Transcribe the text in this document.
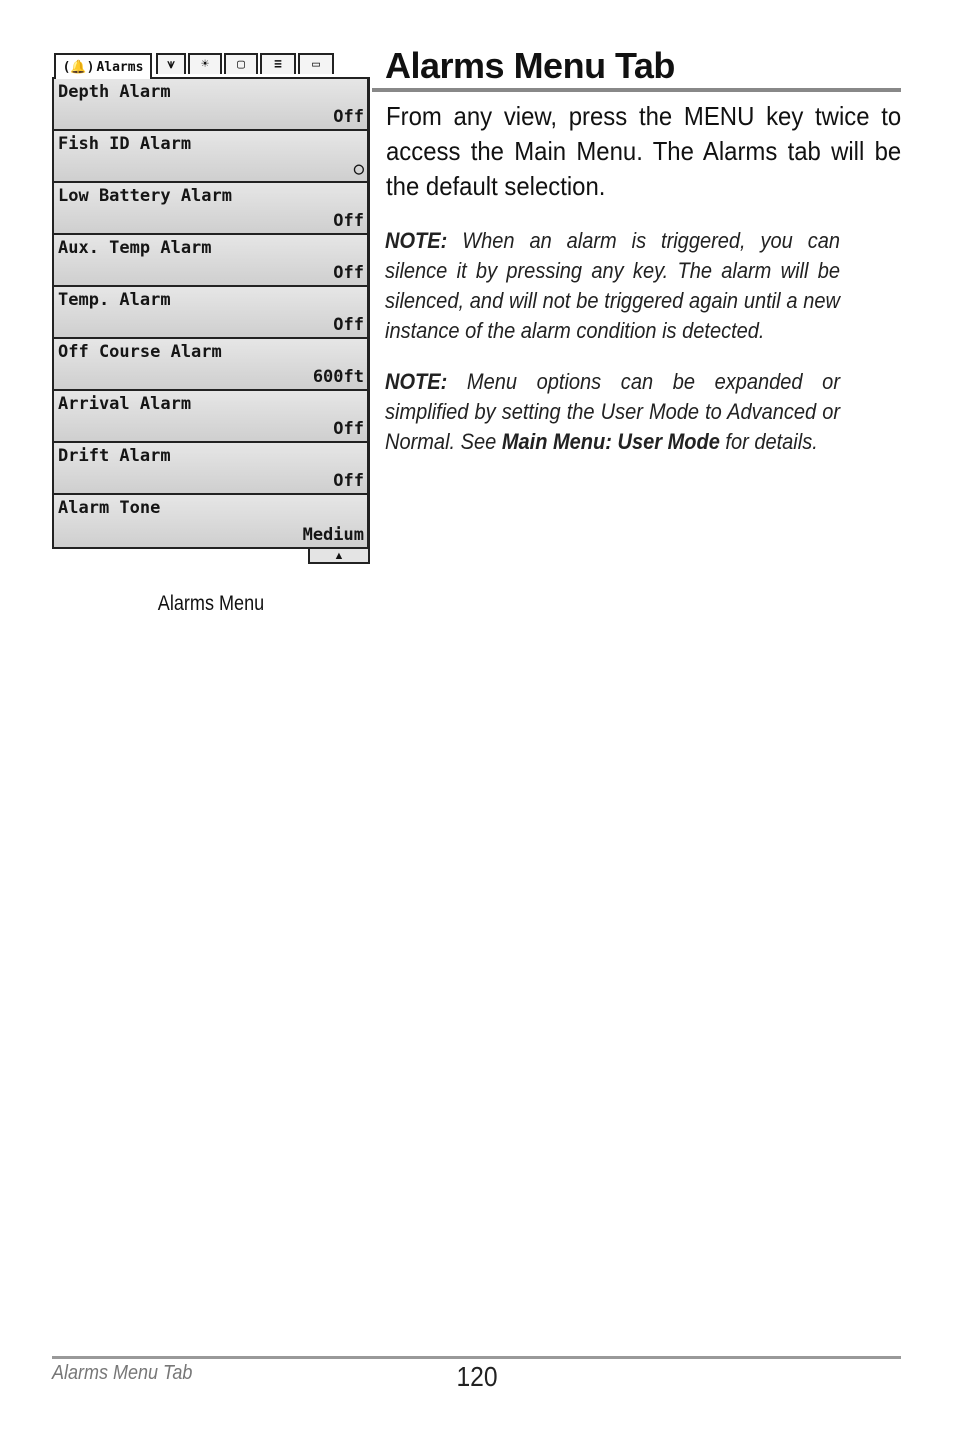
(🔔) Alarms ⩛ ☀ ▢ ≡ ▭
Depth Alarm
Off
Fish ID Alarm
○
Low Battery Alarm
Off
Aux. Temp Alarm
Off
Temp. Alarm
Off
Off Course Alarm
600ft
Arrival Alarm
Off
Drift Alarm
Off
Alarm Tone
Medium
▲
Alarms Menu
Alarms Menu Tab

From any view, press the MENU key twice to access the Main Menu. The Alarms tab will be the default selection.

NOTE: When an alarm is triggered, you can silence it by pressing any key. The alarm will be silenced, and will not be triggered again until a new instance of the alarm condition is detected.

NOTE: Menu options can be expanded or simplified by setting the User Mode to Advanced or Normal. See Main Menu: User Mode for details.

Alarms Menu Tab	120
